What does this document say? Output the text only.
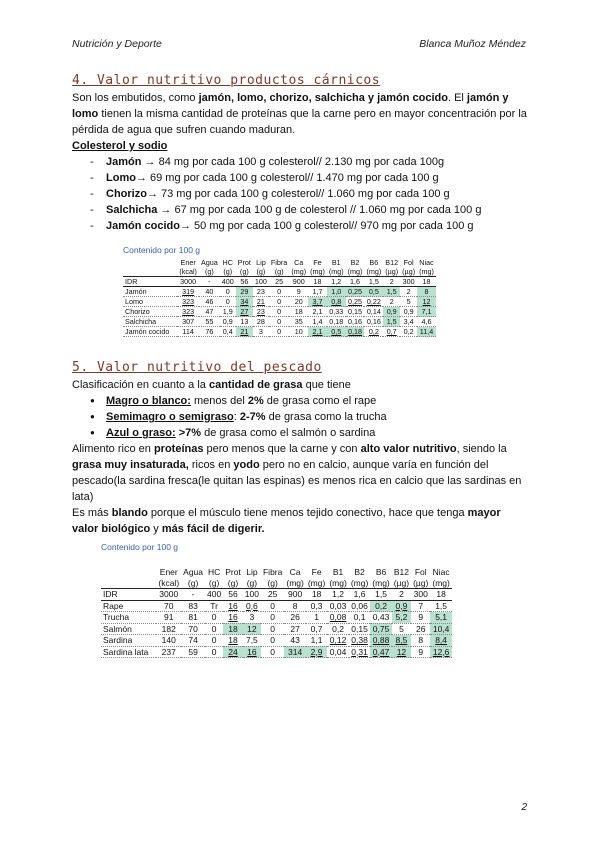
Nutrición y Deporte	Blanca Muñoz Méndez
4. Valor nutritivo productos cárnicos

Son los embutidos, como jamón, lomo, chorizo, salchicha y jamón cocido. El jamón y lomo tienen la misma cantidad de proteínas que la carne pero en mayor concentración por la pérdida de agua que sufren cuando maduran.

Colesterol y sodio

- Jamón → 84 mg por cada 100 g colesterol// 2.130 mg por cada 100g
- Lomo→ 69 mg por cada 100 g colesterol// 1.470 mg por cada 100 g
- Chorizo→ 73 mg por cada 100 g colesterol// 1.060 mg por cada 100 g
- Salchicha → 67 mg por cada 100 g de colesterol // 1.060 mg por cada 100 g
- Jamón cocido→ 50 mg por cada 100 g colesterol// 970 mg por cada 100 g
Contenido por 100 g
	Ener	Agua	HC	Prot	Lip	Fibra	Ca	Fe	B1	B2	B6	B12	Fol	Niac
	(kcal)	(g)	(g)	(g)	(g)	(g)	(mg)	(mg)	(mg)	(mg)	(mg)	(µg)	(µg)	(mg)
IDR	3000	-	400	56	100	25	900	18	1,2	1,6	1,5	2	300	18
Jamón	319	40	0	29	23	0	9	1,7	1,0	0,25	0,5	1,5	2	8
Lomo	323	46	0	34	21	0	20	3,7	0,8	0,25	0,22	2	5	12
Chorizo	323	47	1,9	27	23	0	18	2,1	0,33	0,15	0,14	0,9	0,9	7,1
Salchicha	307	55	0,9	13	28	0	35	1,4	0,18	0,16	0,16	1,5	3,4	4,6
Jamón cocido	114	76	0,4	21	3	0	10	2,1	0,5	0,18	0,2	0,7	0,2	11,4
5. Valor nutritivo del pescado

Clasificación en cuanto a la cantidad de grasa que tiene

● Magro o blanco: menos del 2% de grasa como el rape
● Semimagro o semigraso: 2-7% de grasa como la trucha
● Azul o graso: >7% de grasa como el salmón o sardina

Alimento rico en proteínas pero menos que la carne y con alto valor nutritivo, siendo la grasa muy insaturada, ricos en yodo pero no en calcio, aunque varía en función del pescado(la sardina fresca(le quitan las espinas) es menos rica en calcio que las sardinas en lata)

Es más blando porque el músculo tiene menos tejido conectivo, hace que tenga mayor valor biológico y más fácil de digerir.

Contenido por 100 g
	Ener	Agua	HC	Prot	Lip	Fibra	Ca	Fe	B1	B2	B6	B12	Fol	Niac
	(kcal)	(g)	(g)	(g)	(g)	(g)	(mg)	(mg)	(mg)	(mg)	(mg)	(µg)	(µg)	(mg)
IDR	3000	-	400	56	100	25	900	18	1,2	1,6	1,5	2	300	18
Rape	70	83	Tr	16	0,6	0	8	0,3	0,03	0,06	0,2	0,9	7	1,5
Trucha	91	81	0	16	3	0	26	1	0,08	0,1	0,43	5,2	9	5,1
Salmón	182	70	0	18	12	0	27	0,7	0,2	0,15	0,75	5	26	10,4
Sardina	140	74	0	18	7,5	0	43	1,1	0,12	0,38	0,88	8,5	8	8,4
Sardina lata	237	59	0	24	16	0	314	2,9	0,04	0,31	0,47	12	9	12,6
2
